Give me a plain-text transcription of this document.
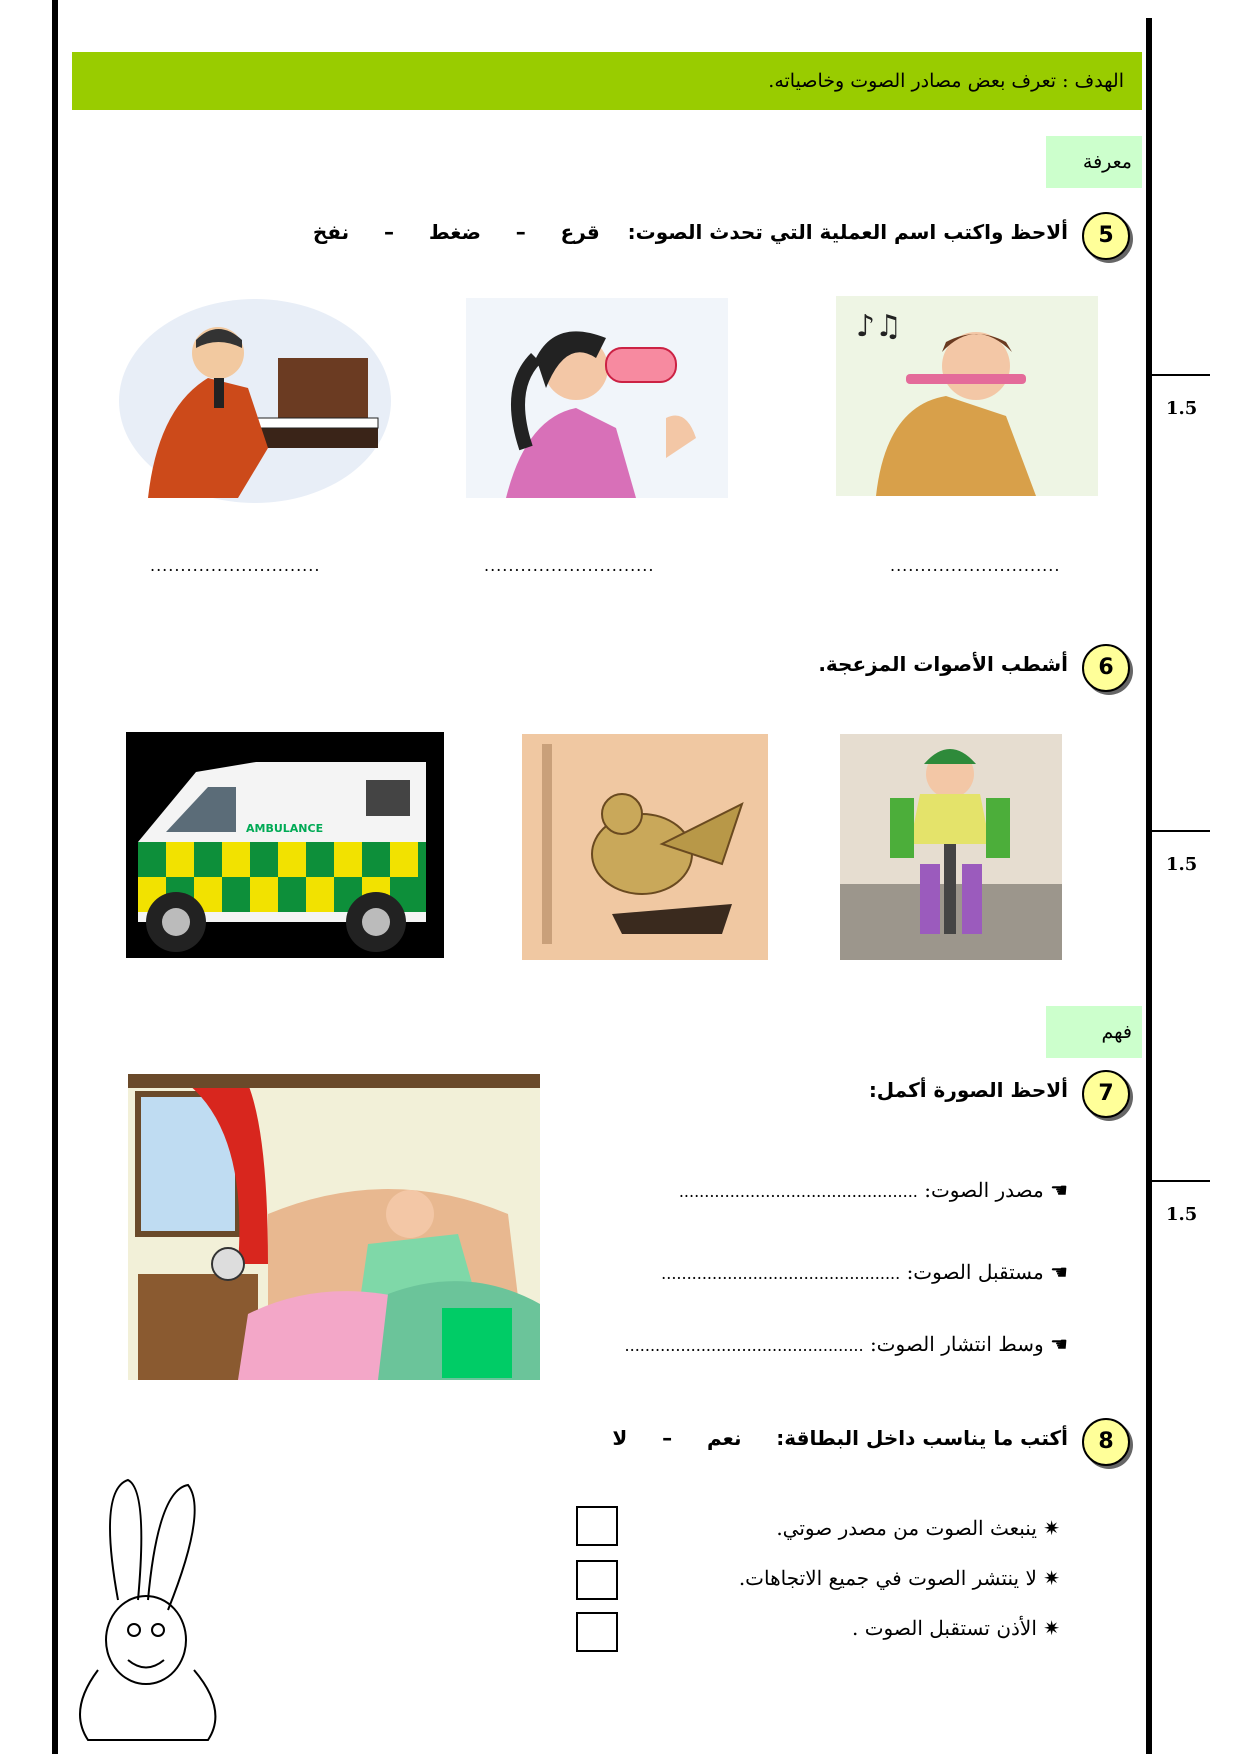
الهدف : تعرف بعض مصادر الصوت وخاصياته.
معرفة
5
ألاحظ واكتب اسم العملية التي تحدث الصوت:    قرع     –     ضغط     –     نفخ
1.5
♪♫
............................	............................	............................
6
أشطب الأصوات المزعجة.
1.5
AMBULANCE
فهم
7
ألاحظ الصورة أكمل:
1.5
☚ مصدر الصوت: ...............................................
☚ مستقبل الصوت: ...............................................
☚ وسط انتشار الصوت: ...............................................
8
أكتب ما يناسب داخل البطاقة:     نعم     –     لا
✷ ينبعث الصوت من مصدر صوتي.
✷ لا ينتشر الصوت في جميع الاتجاهات.
✷ الأذن تستقبل الصوت .
